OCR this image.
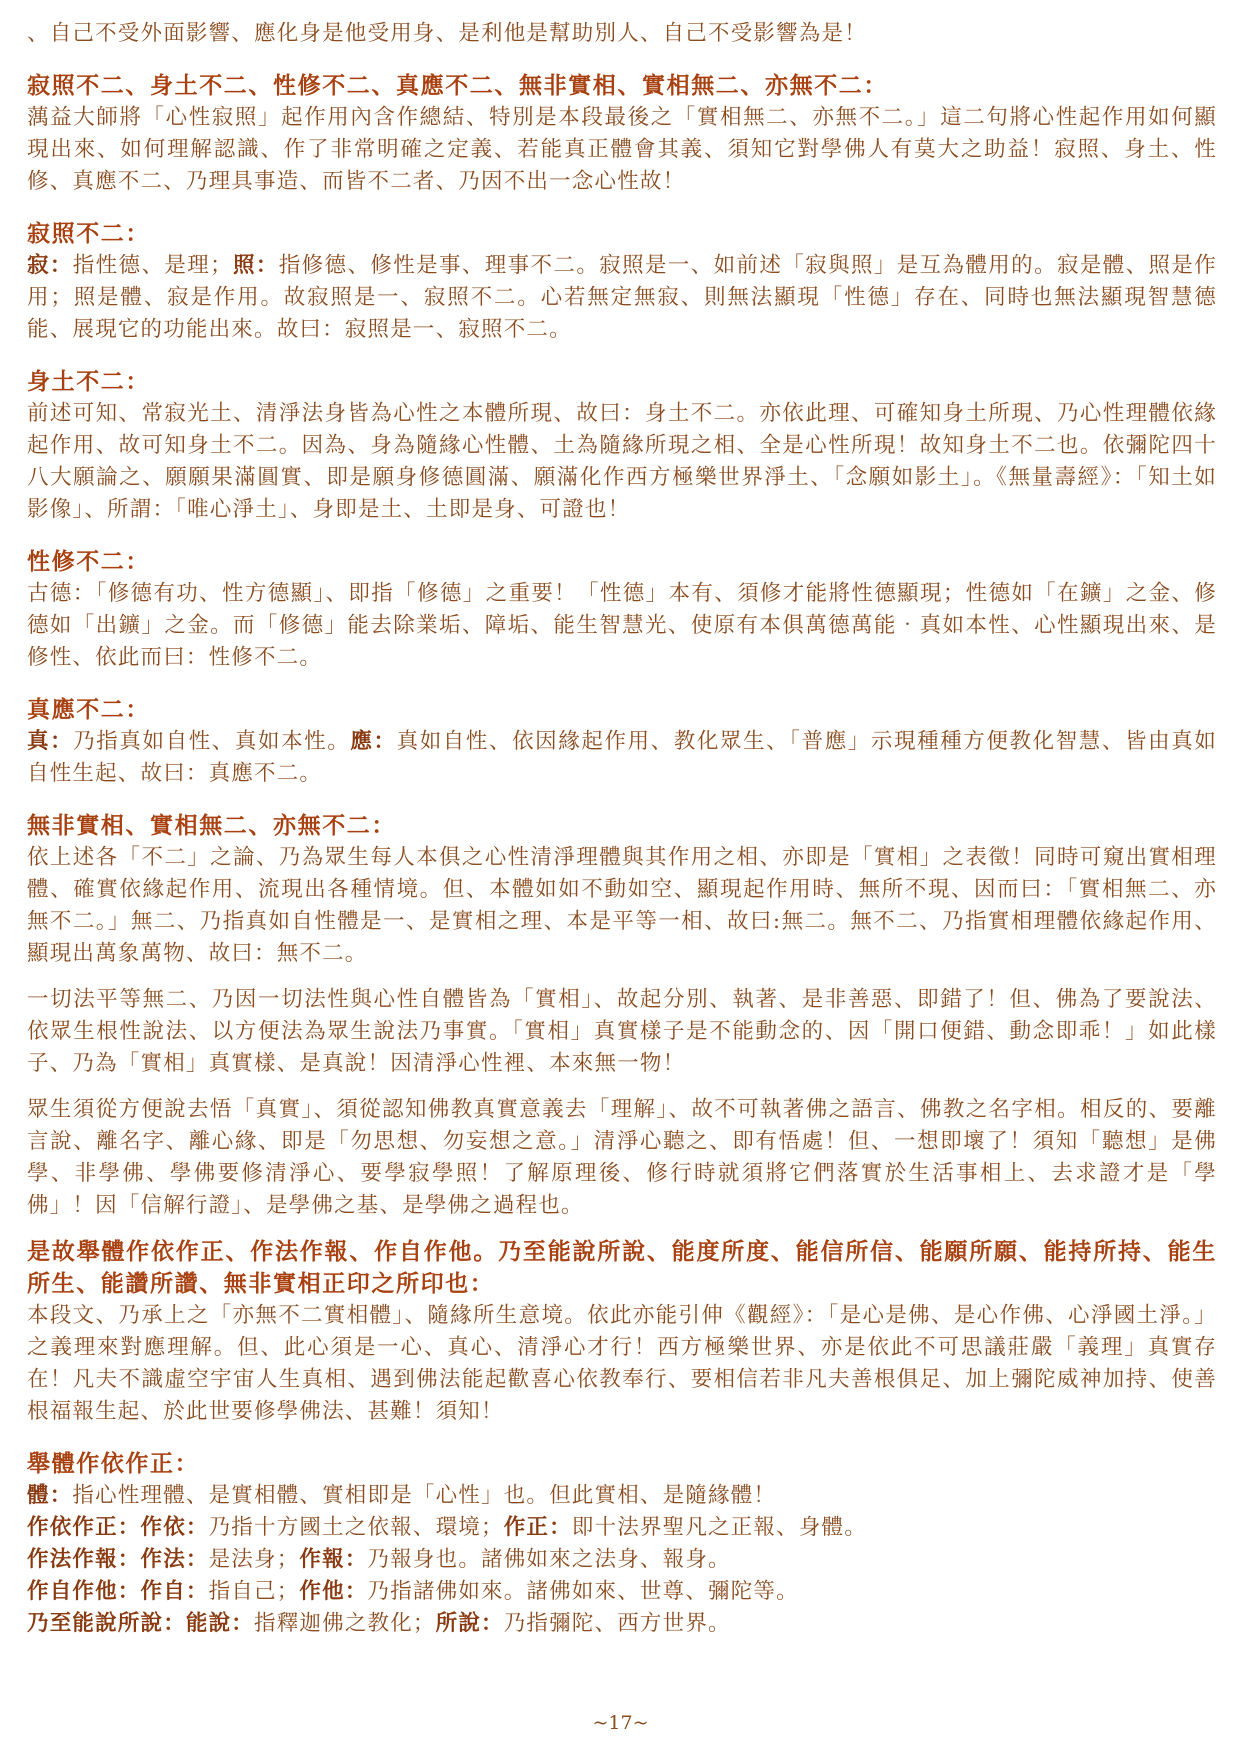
、自己不受外面影響、應化身是他受用身、是利他是幫助別人、自己不受影響為是！

寂照不二、身土不二、性修不二、真應不二、無非實相、實相無二、亦無不二：

蕅益大師將「心性寂照」起作用內含作總結、特別是本段最後之「實相無二、亦無不二。」這二句將心性起作用如何顯現出來、如何理解認識、作了非常明確之定義、若能真正體會其義、須知它對學佛人有莫大之助益！寂照、身土、性修、真應不二、乃理具事造、而皆不二者、乃因不出一念心性故！

寂照不二：

寂：指性德、是理；照：指修德、修性是事、理事不二。寂照是一、如前述「寂與照」是互為體用的。寂是體、照是作用；照是體、寂是作用。故寂照是一、寂照不二。心若無定無寂、則無法顯現「性德」存在、同時也無法顯現智慧德能、展現它的功能出來。故曰：寂照是一、寂照不二。

身土不二：

前述可知、常寂光土、清淨法身皆為心性之本體所現、故曰：身土不二。亦依此理、可確知身土所現、乃心性理體依緣起作用、故可知身土不二。因為、身為隨緣心性體、土為隨緣所現之相、全是心性所現！故知身土不二也。依彌陀四十八大願論之、願願果滿圓實、即是願身修德圓滿、願滿化作西方極樂世界淨土、「念願如影土」。《無量壽經》：「知土如影像」、所謂：「唯心淨土」、身即是土、土即是身、可證也！

性修不二：

古德：「修德有功、性方德顯」、即指「修德」之重要！「性德」本有、須修才能將性德顯現；性德如「在鑛」之金、修德如「出鑛」之金。而「修德」能去除業垢、障垢、能生智慧光、使原有本俱萬德萬能‧真如本性、心性顯現出來、是修性、依此而曰：性修不二。

真應不二：

真：乃指真如自性、真如本性。應：真如自性、依因緣起作用、教化眾生、「普應」示現種種方便教化智慧、皆由真如自性生起、故曰：真應不二。

無非實相、實相無二、亦無不二：

依上述各「不二」之論、乃為眾生每人本俱之心性清淨理體與其作用之相、亦即是「實相」之表徵！同時可窺出實相理體、確實依緣起作用、流現出各種情境。但、本體如如不動如空、顯現起作用時、無所不現、因而曰：「實相無二、亦無不二。」無二、乃指真如自性體是一、是實相之理、本是平等一相、故曰:無二。無不二、乃指實相理體依緣起作用、顯現出萬象萬物、故曰：無不二。

一切法平等無二、乃因一切法性與心性自體皆為「實相」、故起分別、執著、是非善惡、即錯了！但、佛為了要說法、依眾生根性說法、以方便法為眾生說法乃事實。「實相」真實樣子是不能動念的、因「開口便錯、動念即乖！」如此樣子、乃為「實相」真實樣、是真說！因清淨心性裡、本來無一物！

眾生須從方便說去悟「真實」、須從認知佛教真實意義去「理解」、故不可執著佛之語言、佛教之名字相。相反的、要離言說、離名字、離心緣、即是「勿思想、勿妄想之意。」清淨心聽之、即有悟處！但、一想即壞了！須知「聽想」是佛學、非學佛、學佛要修清淨心、要學寂學照！了解原理後、修行時就須將它們落實於生活事相上、去求證才是「學佛」！因「信解行證」、是學佛之基、是學佛之過程也。

是故舉體作依作正、作法作報、作自作他。乃至能說所說、能度所度、能信所信、能願所願、能持所持、能生所生、能讚所讚、無非實相正印之所印也：

本段文、乃承上之「亦無不二實相體」、隨緣所生意境。依此亦能引伸《觀經》：「是心是佛、是心作佛、心淨國土淨。」之義理來對應理解。但、此心須是一心、真心、清淨心才行！西方極樂世界、亦是依此不可思議莊嚴「義理」真實存在！凡夫不識虛空宇宙人生真相、遇到佛法能起歡喜心依教奉行、要相信若非凡夫善根俱足、加上彌陀威神加持、使善根福報生起、於此世要修學佛法、甚難！須知！

舉體作依作正：

體：指心性理體、是實相體、實相即是「心性」也。但此實相、是隨緣體！

作依作正：作依：乃指十方國土之依報、環境；作正：即十法界聖凡之正報、身體。

作法作報：作法：是法身；作報：乃報身也。諸佛如來之法身、報身。

作自作他：作自：指自己；作他：乃指諸佛如來。諸佛如來、世尊、彌陀等。

乃至能說所說：能說：指釋迦佛之教化；所說：乃指彌陀、西方世界。

~17~
